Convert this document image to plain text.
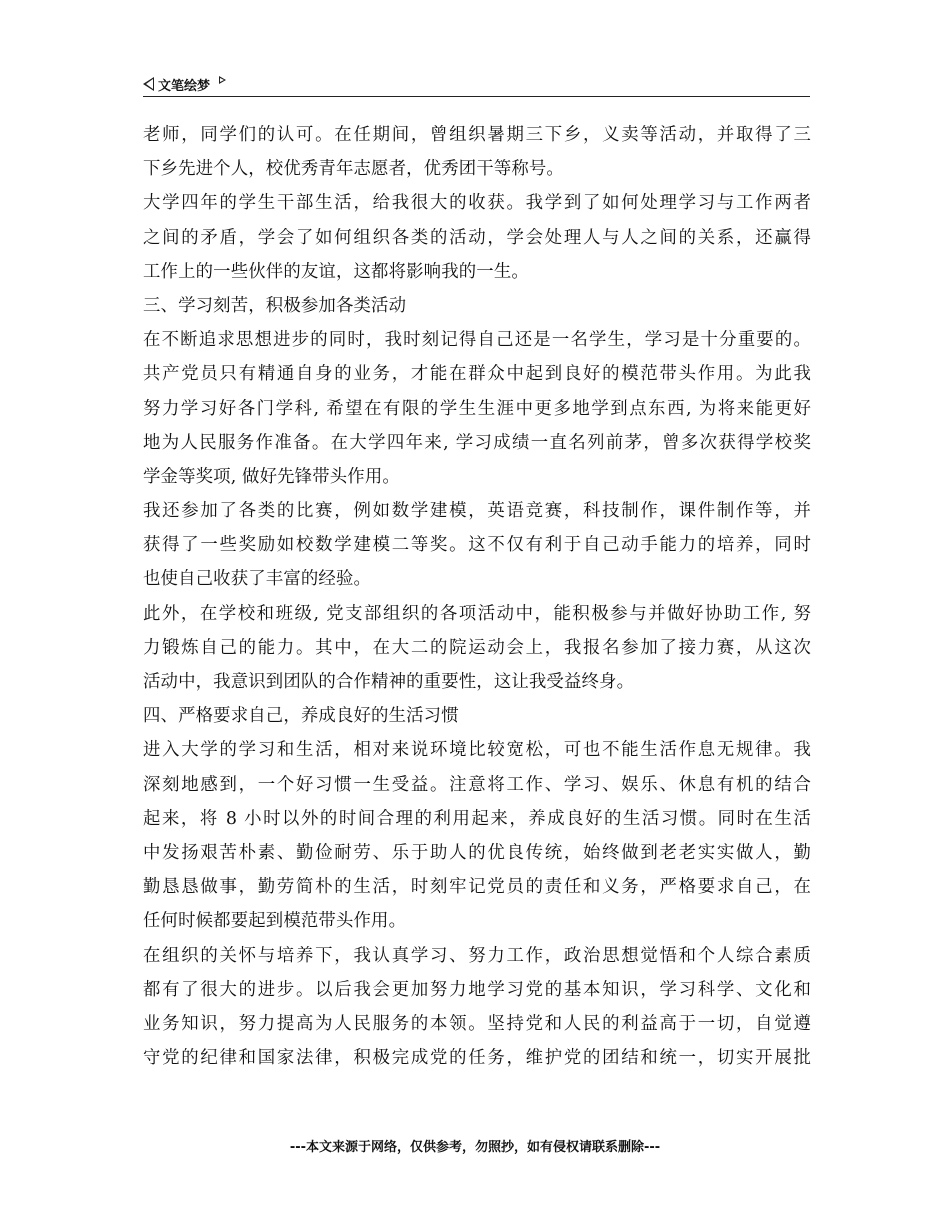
文笔绘梦
老师，同学们的认可。在任期间，曾组织暑期三下乡，义卖等活动，并取得了三
下乡先进个人，校优秀青年志愿者，优秀团干等称号。
大学四年的学生干部生活，给我很大的收获。我学到了如何处理学习与工作两者
之间的矛盾，学会了如何组织各类的活动，学会处理人与人之间的关系，还赢得
工作上的一些伙伴的友谊，这都将影响我的一生。
三、学习刻苦，积极参加各类活动
在不断追求思想进步的同时，我时刻记得自己还是一名学生，学习是十分重要的。
共产党员只有精通自身的业务，才能在群众中起到良好的模范带头作用。为此我
努力学习好各门学科, 希望在有限的学生生涯中更多地学到点东西, 为将来能更好
地为人民服务作准备。在大学四年来, 学习成绩一直名列前茅，曾多次获得学校奖
学金等奖项, 做好先锋带头作用。
我还参加了各类的比赛，例如数学建模，英语竞赛，科技制作，课件制作等，并
获得了一些奖励如校数学建模二等奖。这不仅有利于自己动手能力的培养，同时
也使自己收获了丰富的经验。
此外，在学校和班级, 党支部组织的各项活动中，能积极参与并做好协助工作, 努
力锻炼自己的能力。其中，在大二的院运动会上，我报名参加了接力赛，从这次
活动中，我意识到团队的合作精神的重要性，这让我受益终身。
四、严格要求自己，养成良好的生活习惯
进入大学的学习和生活，相对来说环境比较宽松，可也不能生活作息无规律。我
深刻地感到，一个好习惯一生受益。注意将工作、学习、娱乐、休息有机的结合
起来，将 8 小时以外的时间合理的利用起来，养成良好的生活习惯。同时在生活
中发扬艰苦朴素、勤俭耐劳、乐于助人的优良传统，始终做到老老实实做人，勤
勤恳恳做事，勤劳简朴的生活，时刻牢记党员的责任和义务，严格要求自己，在
任何时候都要起到模范带头作用。
在组织的关怀与培养下，我认真学习、努力工作，政治思想觉悟和个人综合素质
都有了很大的进步。以后我会更加努力地学习党的基本知识，学习科学、文化和
业务知识，努力提高为人民服务的本领。坚持党和人民的利益高于一切，自觉遵
守党的纪律和国家法律，积极完成党的任务，维护党的团结和统一，切实开展批
---本文来源于网络，仅供参考，勿照抄，如有侵权请联系删除---
